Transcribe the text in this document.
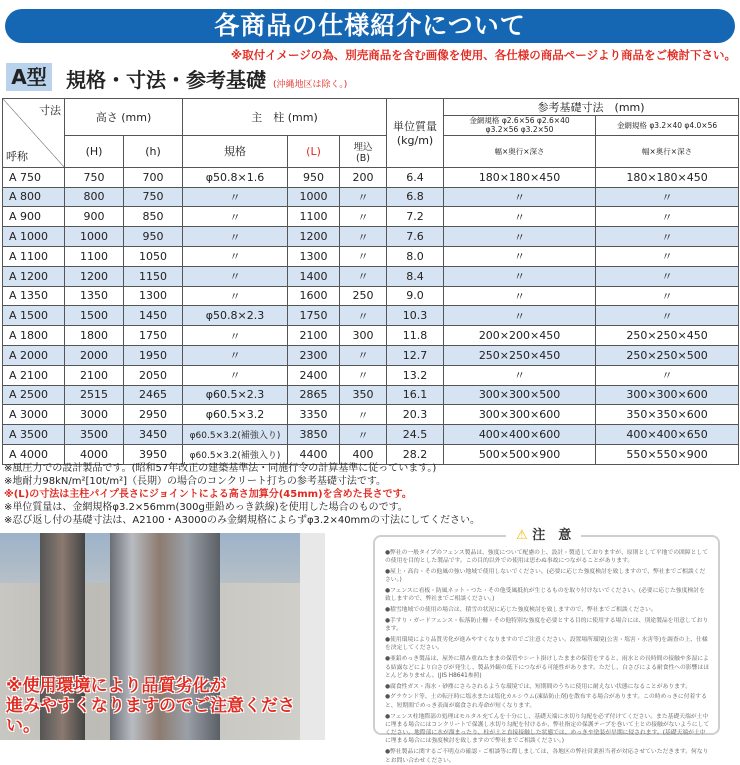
各商品の仕様紹介について
※取付イメージの為、別売商品を含む画像を使用、各仕様の商品ページより商品をご検討下さい。
A型 規格・寸法・参考基礎 (沖縄地区は除く。)
寸法
呼称	高さ (mm)		主　柱 (mm)			単位質量(kg/m)	参考基礎寸法　(mm)	
							金網規格 φ2.6×56 φ2.6×40 φ3.2×56 φ3.2×50	金網規格 φ3.2×40 φ4.0×56
	(H)	(h)	規格	(L)	埋込(B)		幅×奥行×深さ	幅×奥行×深さ
A 750	750	700	φ50.8×1.6	950	200	6.4	180×180×450	180×180×450
A 800	800	750	〃	1000	〃	6.8	〃	〃
A 900	900	850	〃	1100	〃	7.2	〃	〃
A 1000	1000	950	〃	1200	〃	7.6	〃	〃
A 1100	1100	1050	〃	1300	〃	8.0	〃	〃
A 1200	1200	1150	〃	1400	〃	8.4	〃	〃
A 1350	1350	1300	〃	1600	250	9.0	〃	〃
A 1500	1500	1450	φ50.8×2.3	1750	〃	10.3	〃	〃
A 1800	1800	1750	〃	2100	300	11.8	200×200×450	250×250×450
A 2000	2000	1950	〃	2300	〃	12.7	250×250×450	250×250×500
A 2100	2100	2050	〃	2400	〃	13.2	〃	〃
A 2500	2515	2465	φ60.5×2.3	2865	350	16.1	300×300×500	300×300×600
A 3000	3000	2950	φ60.5×3.2	3350	〃	20.3	300×300×600	350×350×600
A 3500	3500	3450	φ60.5×3.2(補強入り)	3850	〃	24.5	400×400×600	400×400×650
A 4000	4000	3950	φ60.5×3.2(補強入り)	4400	400	28.2	500×500×900	550×550×900
※風圧力での設計製品です。(昭和57年改正の建築基準法・同施行令の計算基準に従っています。)
※地耐力98kN/m²[10t/m²]（長期）の場合のコンクリート打ちの参考基礎寸法です。
※(L)の寸法は主柱パイプ長さにジョイントによる高さ加算分(45mm)を含めた長さです。
※単位質量は、金網規格φ3.2×56mm(300g亜鉛めっき鉄線)を使用した場合のものです。
※忍び返し付の基礎寸法は、A2100・A3000のみ金網規格によらずφ3.2×40mmの寸法にしてください。
※使用環境により品質劣化が
進みやすくなりますのでご注意ください。

●弊社の一般タイプのフェンス製品は、強度について配慮の上、設計・製造しておりますが、原則として平地での囲障としての使用を目的とした製品です。この目的以外での使用は思わぬ事故につながることがあります。

●屋上・高台・その他風の強い地域で使用しないでください。(必要に応じた強度検討を致しますので、弊社までご相談ください。)

●フェンスに看板・防風ネット・つた・その他受風抵抗が生じるものを取り付けないでください。(必要に応じた強度検討を致しますので、弊社までご相談ください。)

●積雪地域での使用の場合は、積雪の状況に応じた強度検討を致しますので、弊社までご相談ください。

●手すり・ガードフェンス・転落防止柵・その他特別な強度を必要とする目的に使用する場合には、別途製品を用意しております。

●使用環境により品質劣化が進みやすくなりますのでご注意ください。設置場所環境(公害・塩害・水害等)を調査の上、仕様を決定してください。

●亜鉛めっき製品は、屋外に積み重ねたままの保管やシート掛けしたままの保管をすると、雨水との長時間の接触や多湿による結露などにより白さびが発生し、製品外観の低下につながる可能性があります。ただし、白さびによる耐食性への影響はほとんどありません。(JIS H8641参照)

●腐食性ガス・海水・砂塵にさらされるような環境では、短期間のうちに使用に耐えない状態になることがあります。

●グラウンド等、土の転圧時に塩水または塩化カルシウム(凍結防止剤)を散布する場合があります。この時めっきに付着すると、短期間でめっき表面が腐食され寿命が短くなります。

●フェンス柱地際部の処理はモルタル充てんを十分にし、基礎天端に水切り勾配を必ず付けてください。また基礎天端が土中に埋まる場合にはコンクリートで保護し水切り勾配を付けるか、弊社指定の保護テープを巻いて土との接触がないようにしてください。地際部に水が溜まったり、柱が土と直接接触した状態では、めっきや塗装が早期に侵されます。(基礎天端が土中に埋まる場合には強度検討を致しますので弊社までご相談ください。)

●弊社製品に関するご不明点の確認・ご相談等に際しましては、各地区の弊社営業担当者が対応させていただきます。何なりとお問い合わせください。

⚠ 注　意
